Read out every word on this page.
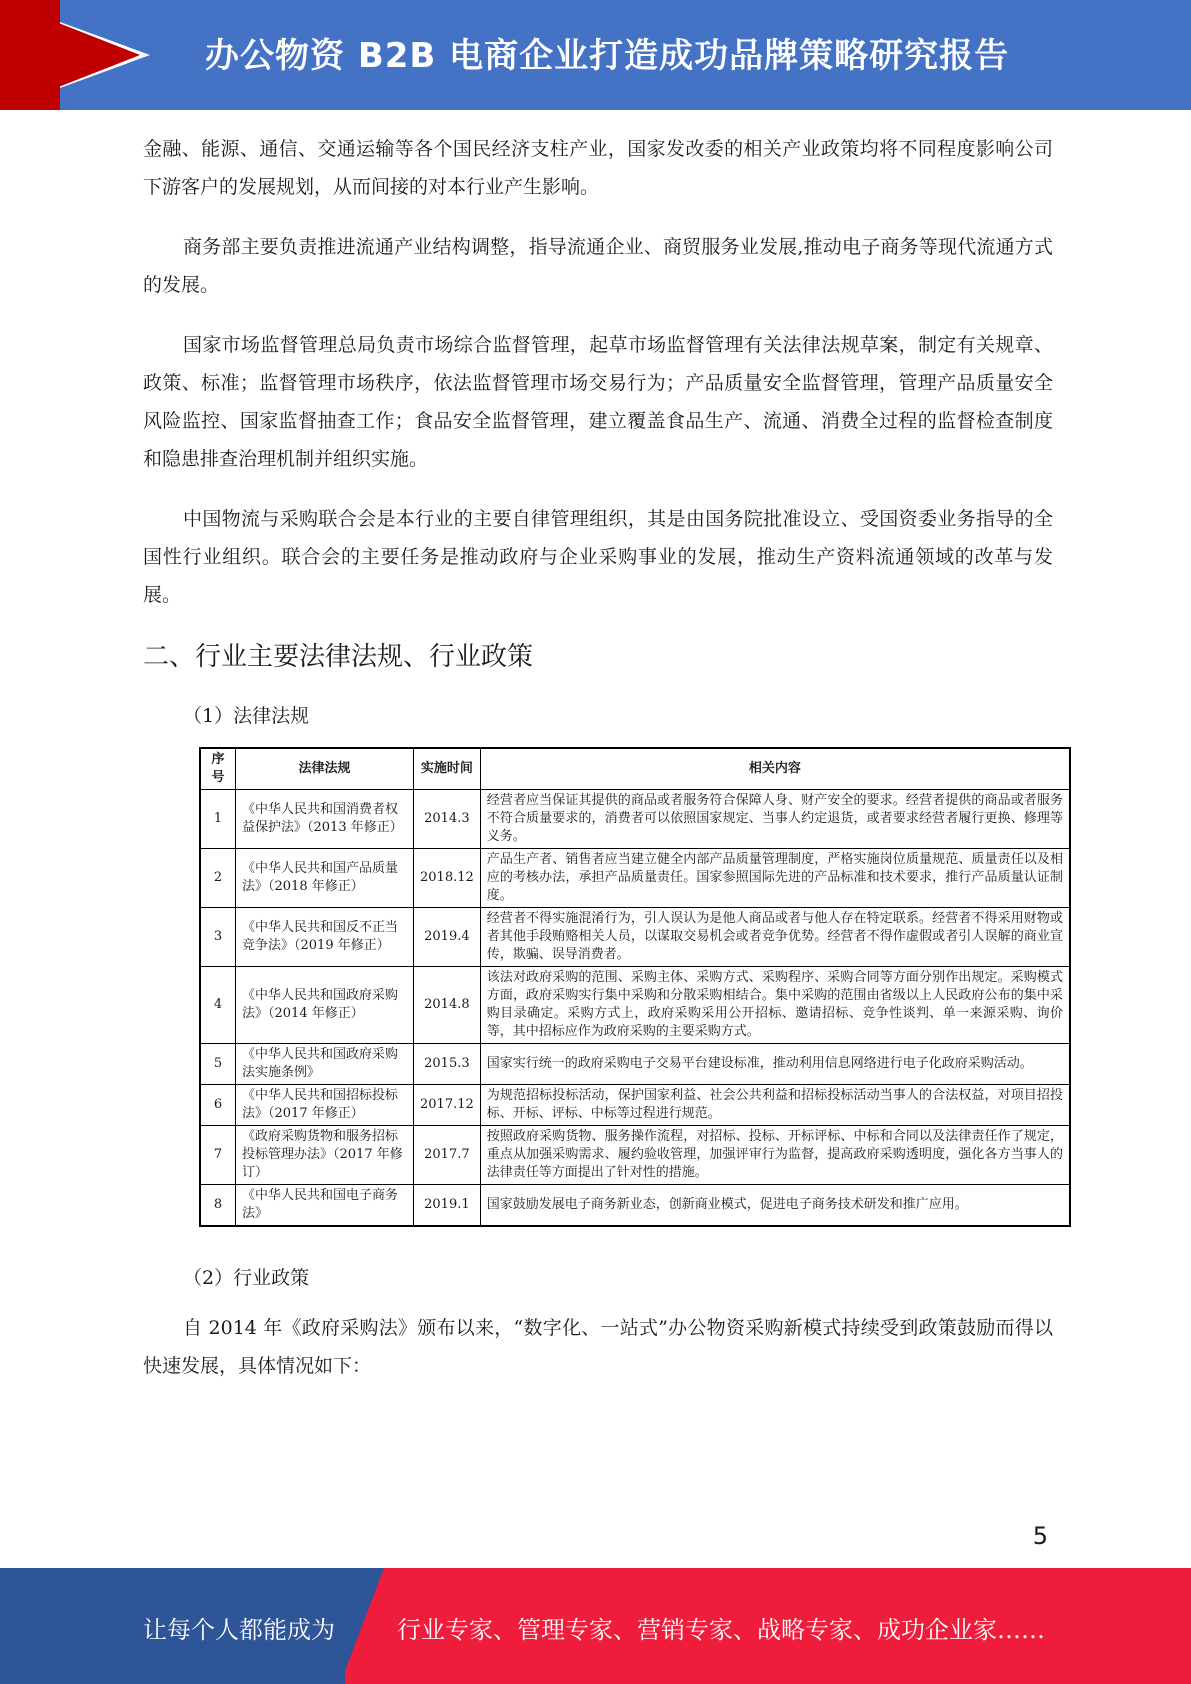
办公物资 B2B 电商企业打造成功品牌策略研究报告

金融、能源、通信、交通运输等各个国民经济支柱产业，国家发改委的相关产业政策均将不同程度影响公司下游客户的发展规划，从而间接的对本行业产生影响。

商务部主要负责推进流通产业结构调整，指导流通企业、商贸服务业发展,推动电子商务等现代流通方式的发展。

国家市场监督管理总局负责市场综合监督管理，起草市场监督管理有关法律法规草案，制定有关规章、政策、标准；监督管理市场秩序，依法监督管理市场交易行为；产品质量安全监督管理，管理产品质量安全风险监控、国家监督抽查工作；食品安全监督管理，建立覆盖食品生产、流通、消费全过程的监督检查制度和隐患排查治理机制并组织实施。

中国物流与采购联合会是本行业的主要自律管理组织，其是由国务院批准设立、受国资委业务指导的全国性行业组织。联合会的主要任务是推动政府与企业采购事业的发展，推动生产资料流通领域的改革与发展。

二、行业主要法律法规、行业政策
（1）法律法规
序号	法律法规	实施时间	相关内容
1	《中华人民共和国消费者权益保护法》（2013 年修正）	2014.3	经营者应当保证其提供的商品或者服务符合保障人身、财产安全的要求。经营者提供的商品或者服务不符合质量要求的，消费者可以依照国家规定、当事人约定退货，或者要求经营者履行更换、修理等义务。
2	《中华人民共和国产品质量法》（2018 年修正）	2018.12	产品生产者、销售者应当建立健全内部产品质量管理制度，严格实施岗位质量规范、质量责任以及相应的考核办法，承担产品质量责任。国家参照国际先进的产品标准和技术要求，推行产品质量认证制度。
3	《中华人民共和国反不正当竞争法》（2019 年修正）	2019.4	经营者不得实施混淆行为，引人误认为是他人商品或者与他人存在特定联系。经营者不得采用财物或者其他手段贿赂相关人员，以谋取交易机会或者竞争优势。经营者不得作虚假或者引人误解的商业宣传，欺骗、误导消费者。
4	《中华人民共和国政府采购法》（2014 年修正）	2014.8	该法对政府采购的范围、采购主体、采购方式、采购程序、采购合同等方面分别作出规定。采购模式方面，政府采购实行集中采购和分散采购相结合。集中采购的范围由省级以上人民政府公布的集中采购目录确定。采购方式上，政府采购采用公开招标、邀请招标、竞争性谈判、单一来源采购、询价等，其中招标应作为政府采购的主要采购方式。
5	《中华人民共和国政府采购法实施条例》	2015.3	国家实行统一的政府采购电子交易平台建设标准，推动利用信息网络进行电子化政府采购活动。
6	《中华人民共和国招标投标法》（2017 年修正）	2017.12	为规范招标投标活动，保护国家利益、社会公共利益和招标投标活动当事人的合法权益，对项目招投标、开标、评标、中标等过程进行规范。
7	《政府采购货物和服务招标投标管理办法》（2017 年修订）	2017.7	按照政府采购货物、服务操作流程，对招标、投标、开标评标、中标和合同以及法律责任作了规定，重点从加强采购需求、履约验收管理，加强评审行为监督，提高政府采购透明度，强化各方当事人的法律责任等方面提出了针对性的措施。
8	《中华人民共和国电子商务法》	2019.1	国家鼓励发展电子商务新业态，创新商业模式，促进电子商务技术研发和推广应用。
（2）行业政策

自 2014 年《政府采购法》颁布以来，“数字化、一站式”办公物资采购新模式持续受到政策鼓励而得以快速发展，具体情况如下：

5
让每个人都能成为	行业专家、管理专家、营销专家、战略专家、成功企业家……
